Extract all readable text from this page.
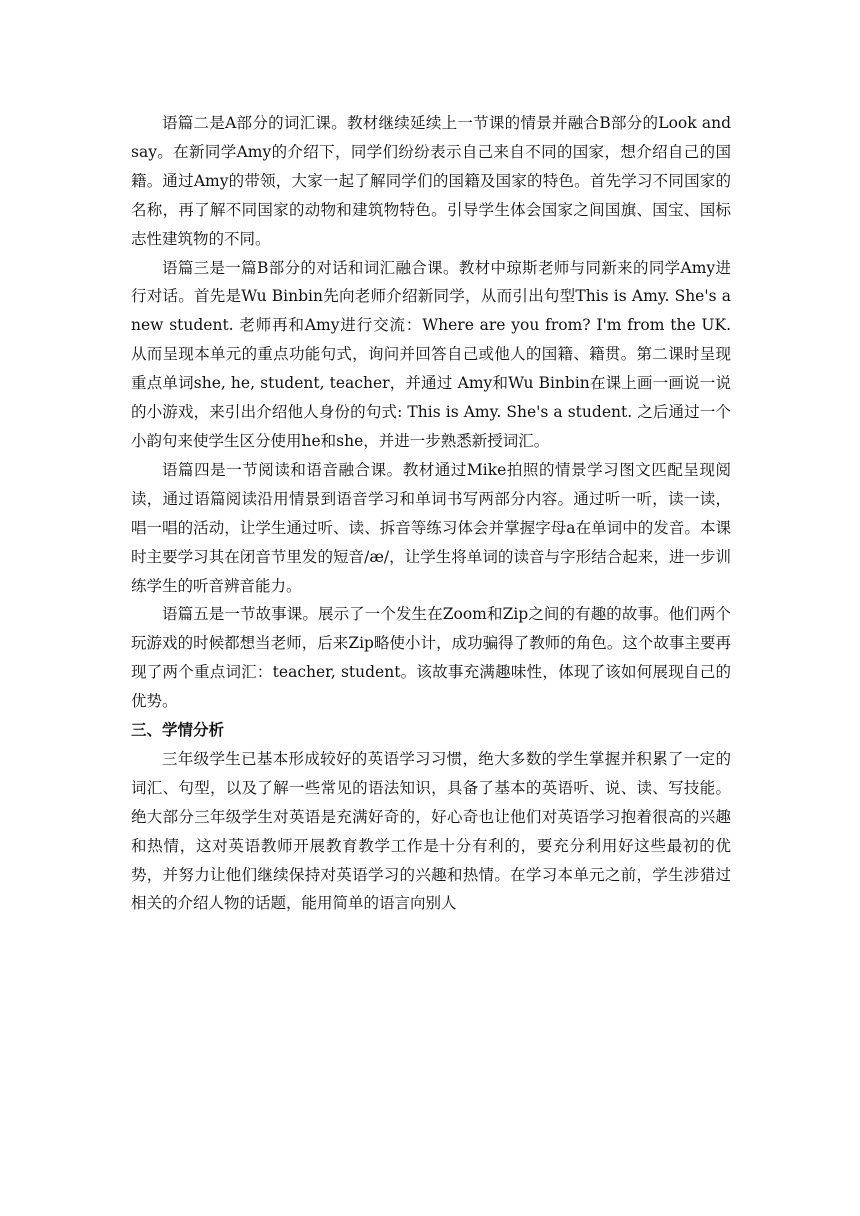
语篇二是A部分的词汇课。教材继续延续上一节课的情景并融合B部分的Look and say。在新同学Amy的介绍下，同学们纷纷表示自己来自不同的国家，想介绍自己的国籍。通过Amy的带领，大家一起了解同学们的国籍及国家的特色。首先学习不同国家的名称，再了解不同国家的动物和建筑物特色。引导学生体会国家之间国旗、国宝、国标志性建筑物的不同。

语篇三是一篇B部分的对话和词汇融合课。教材中琼斯老师与同新来的同学Amy进行对话。首先是Wu Binbin先向老师介绍新同学，从而引出句型This is Amy. She's a new student. 老师再和Amy进行交流：Where are you from? I'm from the UK. 从而呈现本单元的重点功能句式，询问并回答自己或他人的国籍、籍贯。第二课时呈现重点单词she, he, student, teacher，并通过 Amy和Wu Binbin在课上画一画说一说的小游戏，来引出介绍他人身份的句式: This is Amy. She's a student. 之后通过一个小韵句来使学生区分使用he和she，并进一步熟悉新授词汇。

语篇四是一节阅读和语音融合课。教材通过Mike拍照的情景学习图文匹配呈现阅读，通过语篇阅读沿用情景到语音学习和单词书写两部分内容。通过听一听，读一读，唱一唱的活动，让学生通过听、读、拆音等练习体会并掌握字母a在单词中的发音。本课时主要学习其在闭音节里发的短音/æ/，让学生将单词的读音与字形结合起来，进一步训练学生的听音辨音能力。

语篇五是一节故事课。展示了一个发生在Zoom和Zip之间的有趣的故事。他们两个玩游戏的时候都想当老师，后来Zip略使小计，成功骗得了教师的角色。这个故事主要再现了两个重点词汇：teacher, student。该故事充满趣味性，体现了该如何展现自己的优势。

三、学情分析

三年级学生已基本形成较好的英语学习习惯，绝大多数的学生掌握并积累了一定的词汇、句型，以及了解一些常见的语法知识，具备了基本的英语听、说、读、写技能。绝大部分三年级学生对英语是充满好奇的，好心奇也让他们对英语学习抱着很高的兴趣和热情，这对英语教师开展教育教学工作是十分有利的，要充分利用好这些最初的优势，并努力让他们继续保持对英语学习的兴趣和热情。在学习本单元之前，学生涉猎过相关的介绍人物的话题，能用简单的语言向别人
